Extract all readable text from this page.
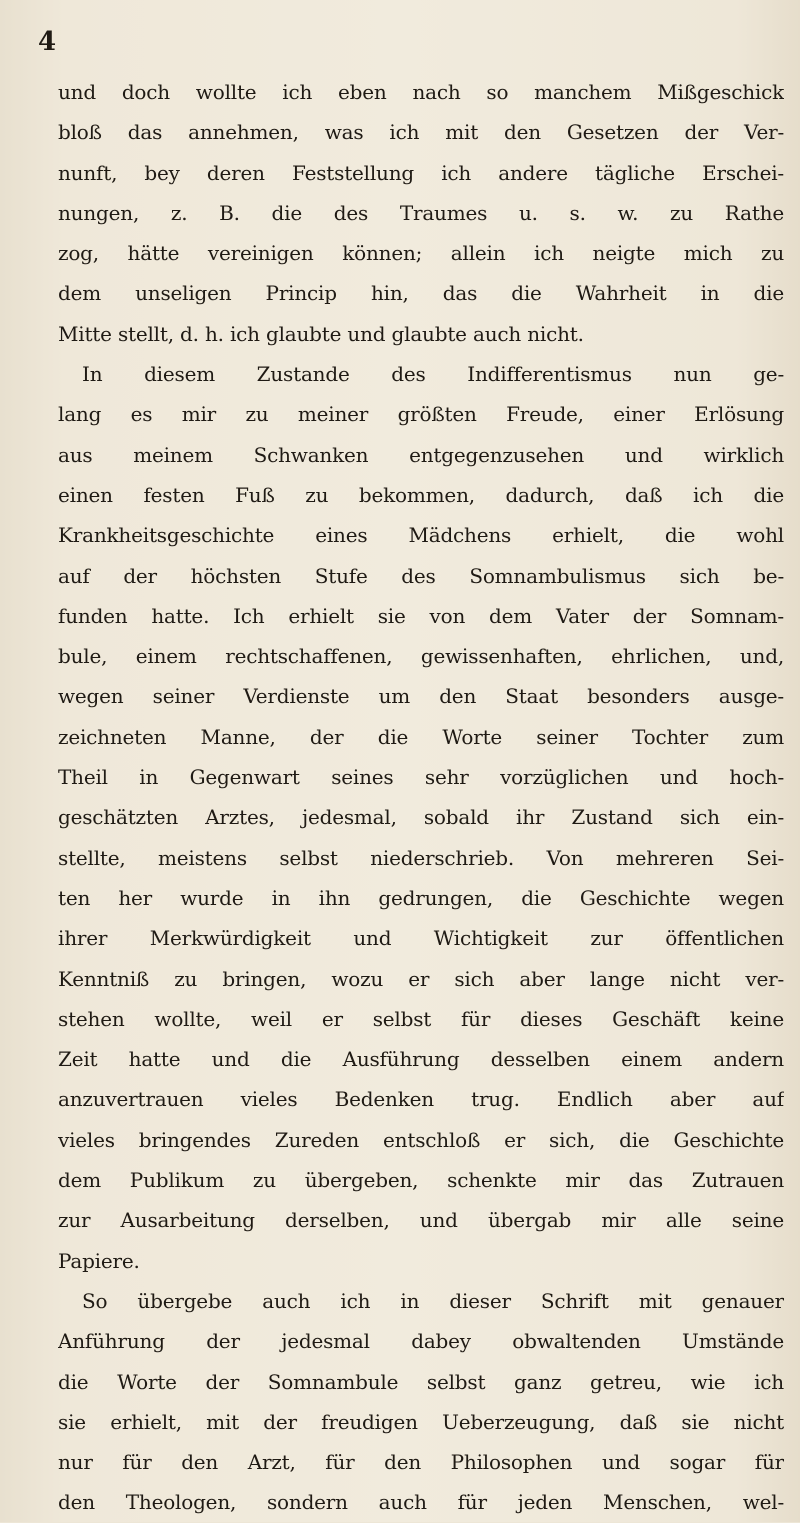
4
und doch wollte ich eben nach so manchem Mißgeschick
bloß das annehmen, was ich mit den Gesetzen der Ver-
nunft, bey deren Feststellung ich andere tägliche Erschei-
nungen, z. B. die des Traumes u. s. w. zu Rathe
zog, hätte vereinigen können; allein ich neigte mich zu
dem unseligen Princip hin, das die Wahrheit in die
Mitte stellt, d. h. ich glaubte und glaubte auch nicht.
In diesem Zustande des Indifferentismus nun ge-
lang es mir zu meiner größten Freude, einer Erlösung
aus meinem Schwanken entgegenzusehen und wirklich
einen festen Fuß zu bekommen, dadurch, daß ich die
Krankheitsgeschichte eines Mädchens erhielt, die wohl
auf der höchsten Stufe des Somnambulismus sich be-
funden hatte. Ich erhielt sie von dem Vater der Somnam-
bule, einem rechtschaffenen, gewissenhaften, ehrlichen, und,
wegen seiner Verdienste um den Staat besonders ausge-
zeichneten Manne, der die Worte seiner Tochter zum
Theil in Gegenwart seines sehr vorzüglichen und hoch-
geschätzten Arztes, jedesmal, sobald ihr Zustand sich ein-
stellte, meistens selbst niederschrieb. Von mehreren Sei-
ten her wurde in ihn gedrungen, die Geschichte wegen
ihrer Merkwürdigkeit und Wichtigkeit zur öffentlichen
Kenntniß zu bringen, wozu er sich aber lange nicht ver-
stehen wollte, weil er selbst für dieses Geschäft keine
Zeit hatte und die Ausführung desselben einem andern
anzuvertrauen vieles Bedenken trug. Endlich aber auf
vieles bringendes Zureden entschloß er sich, die Geschichte
dem Publikum zu übergeben, schenkte mir das Zutrauen
zur Ausarbeitung derselben, und übergab mir alle seine
Papiere.
So übergebe auch ich in dieser Schrift mit genauer
Anführung der jedesmal dabey obwaltenden Umstände
die Worte der Somnambule selbst ganz getreu, wie ich
sie erhielt, mit der freudigen Ueberzeugung, daß sie nicht
nur für den Arzt, für den Philosophen und sogar für
den Theologen, sondern auch für jeden Menschen, wel-
